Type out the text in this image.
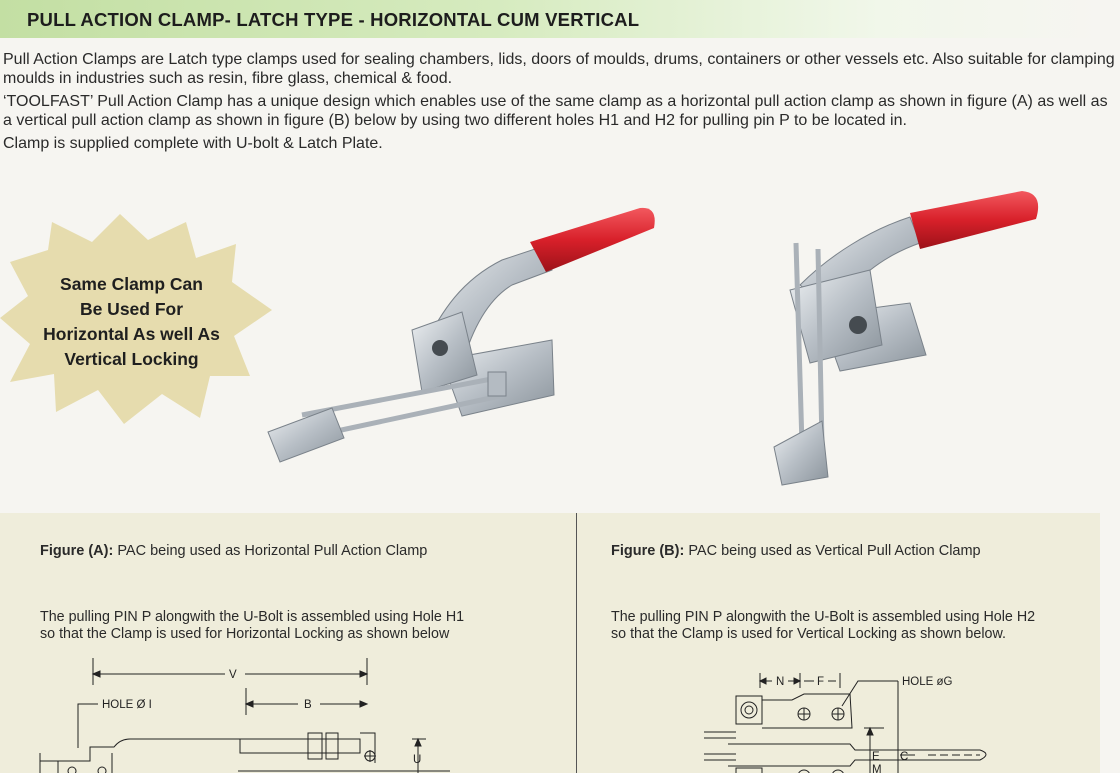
PULL ACTION CLAMP- LATCH TYPE - HORIZONTAL CUM VERTICAL

Pull Action Clamps are Latch type clamps used for sealing chambers, lids, doors of moulds, drums, containers or other vessels etc. Also suitable for clamping moulds in industries such as resin, fibre glass, chemical & food.

‘TOOLFAST’ Pull Action Clamp has a unique design which enables use of the same clamp as a horizontal pull action clamp as shown in figure (A) as well as a vertical pull action clamp as shown in figure (B) below by using two different holes H1 and H2 for pulling pin P to be located in.

Clamp is supplied complete with U-bolt & Latch Plate.

Same Clamp Can
Be Used For
Horizontal As well As
Vertical Locking
Figure (A): PAC being used as Horizontal Pull Action Clamp
The pulling PIN P alongwith the U-Bolt is assembled using Hole H1
so that the Clamp is used for Horizontal Locking as shown below
Figure (B): PAC being used as Vertical Pull Action Clamp
The pulling PIN P alongwith the U-Bolt is assembled using Hole H2
so that the Clamp is used for Vertical Locking as shown below.
V
B
HOLE Ø I
U
N	F	HOLE øG
E C
M
